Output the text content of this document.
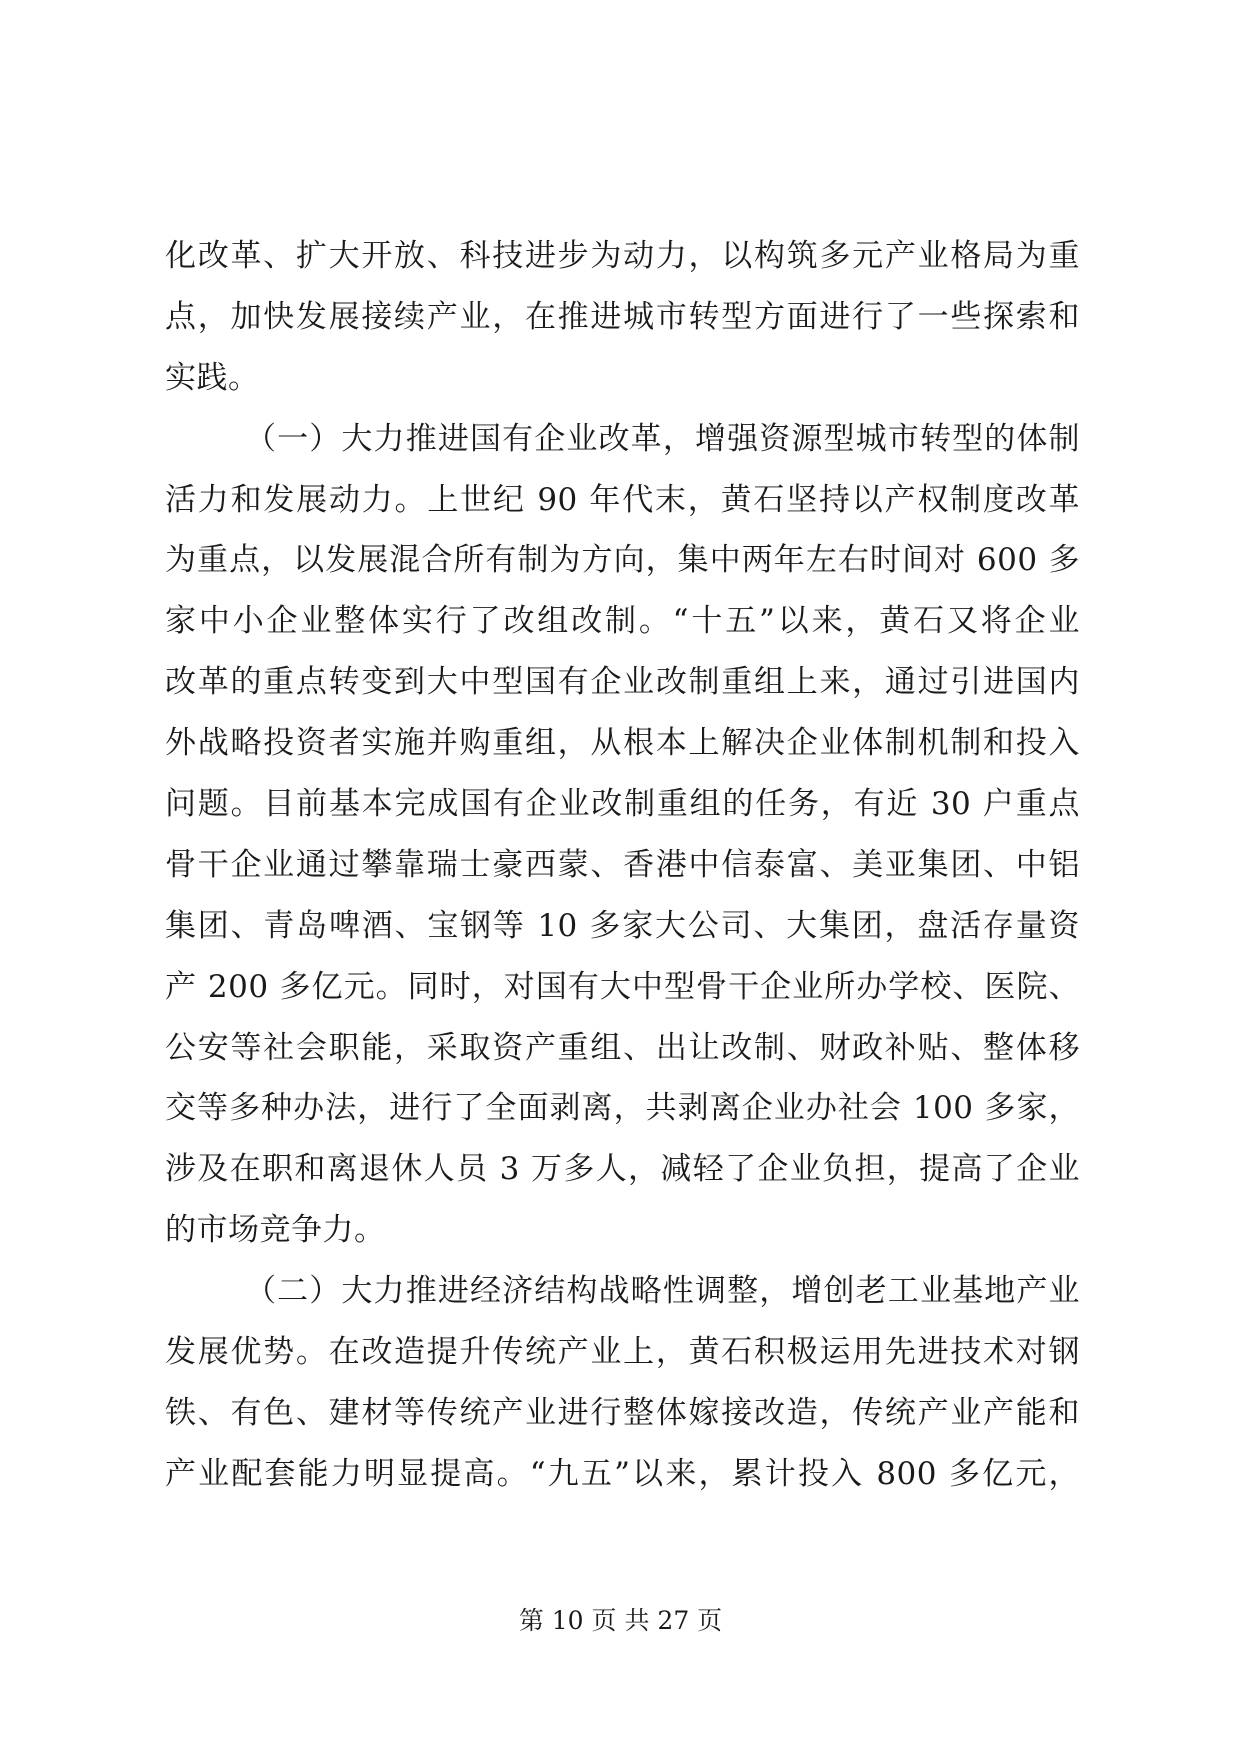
化改革、扩大开放、科技进步为动力，以构筑多元产业格局为重
点，加快发展接续产业，在推进城市转型方面进行了一些探索和
实践。
（一）大力推进国有企业改革，增强资源型城市转型的体制
活力和发展动力。上世纪 90 年代末，黄石坚持以产权制度改革
为重点，以发展混合所有制为方向，集中两年左右时间对 600 多
家中小企业整体实行了改组改制。“十五”以来，黄石又将企业
改革的重点转变到大中型国有企业改制重组上来，通过引进国内
外战略投资者实施并购重组，从根本上解决企业体制机制和投入
问题。目前基本完成国有企业改制重组的任务，有近 30 户重点
骨干企业通过攀靠瑞士豪西蒙、香港中信泰富、美亚集团、中铝
集团、青岛啤酒、宝钢等 10 多家大公司、大集团，盘活存量资
产 200 多亿元。同时，对国有大中型骨干企业所办学校、医院、
公安等社会职能，采取资产重组、出让改制、财政补贴、整体移
交等多种办法，进行了全面剥离，共剥离企业办社会 100 多家，
涉及在职和离退休人员 3 万多人，减轻了企业负担，提高了企业
的市场竞争力。
（二）大力推进经济结构战略性调整，增创老工业基地产业
发展优势。在改造提升传统产业上，黄石积极运用先进技术对钢
铁、有色、建材等传统产业进行整体嫁接改造，传统产业产能和
产业配套能力明显提高。“九五”以来，累计投入 800 多亿元，
第 10 页 共 27 页
